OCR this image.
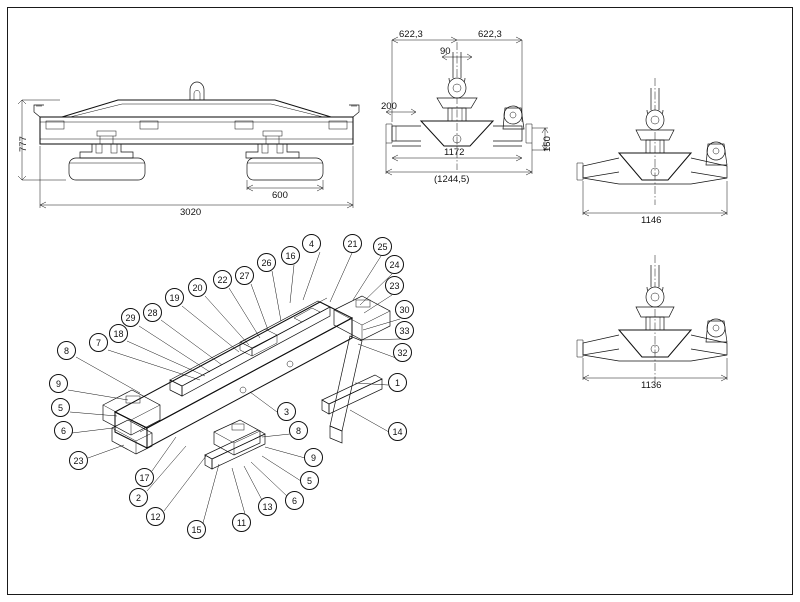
777
3020
600
622,3	622,3
90
200
150
1172
(1244,5)
1146
1136
4	21	25
24
16
26
23
27
22
20
19
30
28
29
33
7
18
8	32
9	1
3
5
6	8	14
9
23
5
17
6
2
13
12
11
15
